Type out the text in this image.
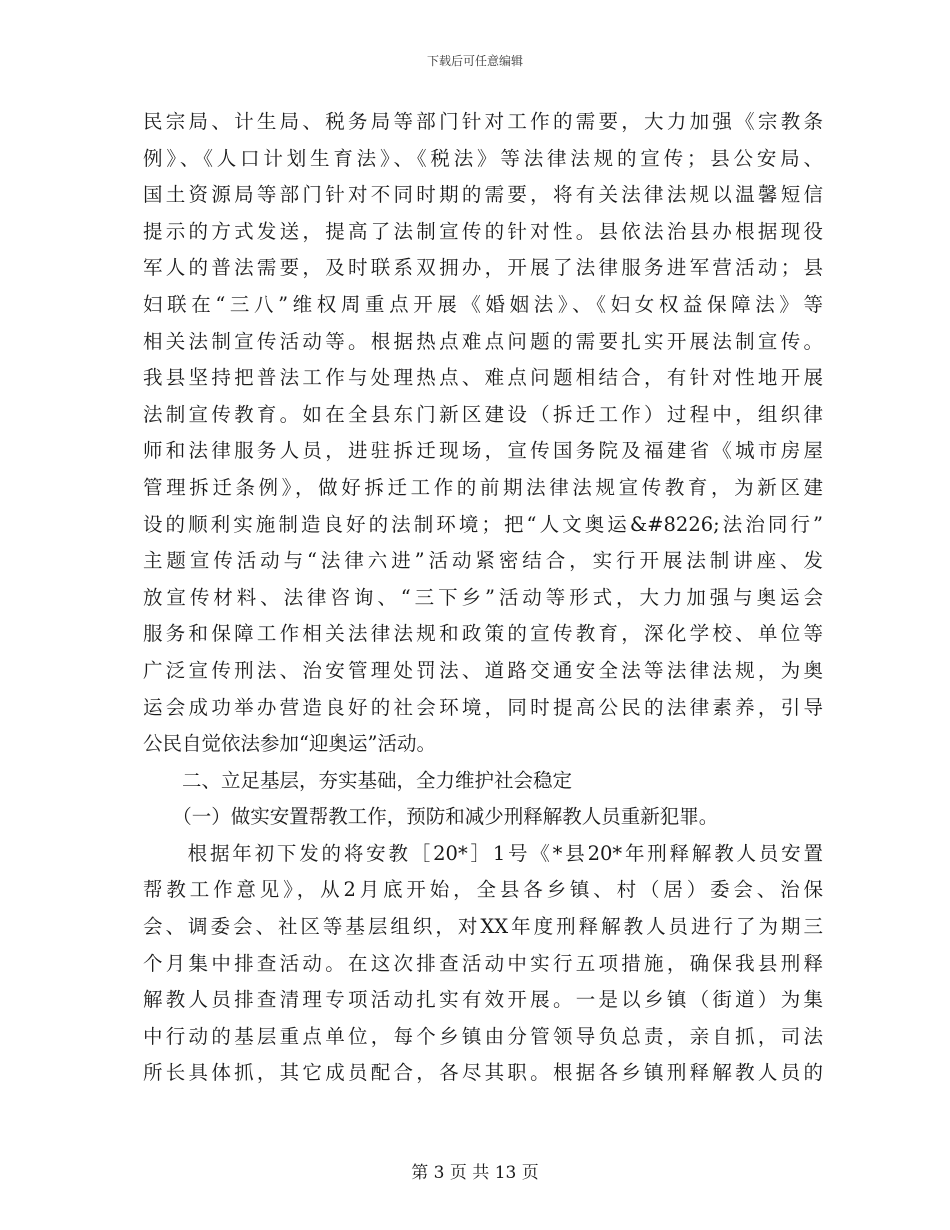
下载后可任意编辑
民宗局、计生局、税务局等部门针对工作的需要，大力加强《宗教条
例》、《人口计划生育法》、《税法》等法律法规的宣传；县公安局、
国土资源局等部门针对不同时期的需要，将有关法律法规以温馨短信
提示的方式发送，提高了法制宣传的针对性。县依法治县办根据现役
军人的普法需要，及时联系双拥办，开展了法律服务进军营活动；县
妇联在“三八”维权周重点开展《婚姻法》、《妇女权益保障法》等
相关法制宣传活动等。根据热点难点问题的需要扎实开展法制宣传。
我县坚持把普法工作与处理热点、难点问题相结合，有针对性地开展
法制宣传教育。如在全县东门新区建设（拆迁工作）过程中，组织律
师和法律服务人员，进驻拆迁现场，宣传国务院及福建省《城市房屋
管理拆迁条例》，做好拆迁工作的前期法律法规宣传教育，为新区建
设的顺利实施制造良好的法制环境；把“人文奥运&#8226;法治同行”
主题宣传活动与“法律六进”活动紧密结合，实行开展法制讲座、发
放宣传材料、法律咨询、“三下乡”活动等形式，大力加强与奥运会
服务和保障工作相关法律法规和政策的宣传教育，深化学校、单位等
广泛宣传刑法、治安管理处罚法、道路交通安全法等法律法规，为奥
运会成功举办营造良好的社会环境，同时提高公民的法律素养，引导
公民自觉依法参加“迎奥运”活动。
　　二、立足基层，夯实基础，全力维护社会稳定
　　（一）做实安置帮教工作，预防和减少刑释解教人员重新犯罪。
　　根据年初下发的将安教［20*］1号《*县20*年刑释解教人员安置
帮教工作意见》，从2月底开始，全县各乡镇、村（居）委会、治保
会、调委会、社区等基层组织，对XX年度刑释解教人员进行了为期三
个月集中排查活动。在这次排查活动中实行五项措施，确保我县刑释
解教人员排查清理专项活动扎实有效开展。一是以乡镇（街道）为集
中行动的基层重点单位，每个乡镇由分管领导负总责，亲自抓，司法
所长具体抓，其它成员配合，各尽其职。根据各乡镇刑释解教人员的
第 3 页 共 13 页
